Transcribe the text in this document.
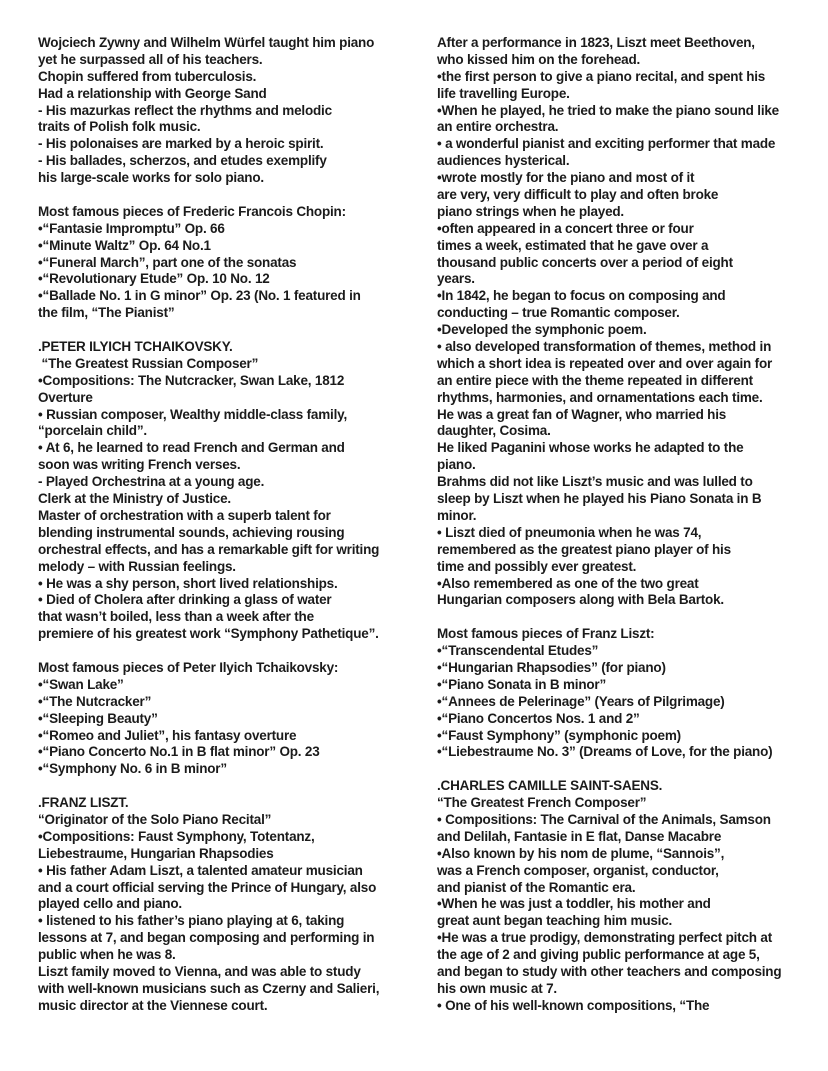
Wojciech Zywny and Wilhelm Würfel taught him piano
yet he surpassed all of his teachers.
Chopin suffered from tuberculosis.
Had a relationship with George Sand
- His mazurkas reflect the rhythms and melodic
traits of Polish folk music.
- His polonaises are marked by a heroic spirit.
- His ballades, scherzos, and etudes exemplify
his large-scale works for solo piano.
Most famous pieces of Frederic Francois Chopin:
•“Fantasie Impromptu” Op. 66
•“Minute Waltz” Op. 64 No.1
•“Funeral March”, part one of the sonatas
•“Revolutionary Etude” Op. 10 No. 12
•“Ballade No. 1 in G minor” Op. 23 (No. 1 featured in
the film, “The Pianist”
.PETER ILYICH TCHAIKOVSKY.
“The Greatest Russian Composer”
•Compositions: The Nutcracker, Swan Lake, 1812
Overture
• Russian composer, Wealthy middle-class family,
“porcelain child”.
• At 6, he learned to read French and German and
soon was writing French verses.
- Played Orchestrina at a young age.
Clerk at the Ministry of Justice.
Master of orchestration with a superb talent for
blending instrumental sounds, achieving rousing
orchestral effects, and has a remarkable gift for writing
melody – with Russian feelings.
• He was a shy person, short lived relationships.
• Died of Cholera after drinking a glass of water
that wasn’t boiled, less than a week after the
premiere of his greatest work “Symphony Pathetique”.
Most famous pieces of Peter Ilyich Tchaikovsky:
•“Swan Lake”
•“The Nutcracker”
•“Sleeping Beauty”
•“Romeo and Juliet”, his fantasy overture
•“Piano Concerto No.1 in B flat minor” Op. 23
•“Symphony No. 6 in B minor”
.FRANZ LISZT.
“Originator of the Solo Piano Recital”
•Compositions: Faust Symphony, Totentanz,
Liebestraume, Hungarian Rhapsodies
• His father Adam Liszt, a talented amateur musician
and a court official serving the Prince of Hungary, also
played cello and piano.
• listened to his father’s piano playing at 6, taking
lessons at 7, and began composing and performing in
public when he was 8.
Liszt family moved to Vienna, and was able to study
with well-known musicians such as Czerny and Salieri,
music director at the Viennese court.
After a performance in 1823, Liszt meet Beethoven,
who kissed him on the forehead.
•the first person to give a piano recital, and spent his
life travelling Europe.
•When he played, he tried to make the piano sound like
an entire orchestra.
• a wonderful pianist and exciting performer that made
audiences hysterical.
•wrote mostly for the piano and most of it
are very, very difficult to play and often broke
piano strings when he played.
•often appeared in a concert three or four
times a week, estimated that he gave over a
thousand public concerts over a period of eight
years.
•In 1842, he began to focus on composing and
conducting – true Romantic composer.
•Developed the symphonic poem.
• also developed transformation of themes, method in
which a short idea is repeated over and over again for
an entire piece with the theme repeated in different
rhythms, harmonies, and ornamentations each time.
He was a great fan of Wagner, who married his
daughter, Cosima.
He liked Paganini whose works he adapted to the
piano.
Brahms did not like Liszt’s music and was lulled to
sleep by Liszt when he played his Piano Sonata in B
minor.
• Liszt died of pneumonia when he was 74,
remembered as the greatest piano player of his
time and possibly ever greatest.
•Also remembered as one of the two great
Hungarian composers along with Bela Bartok.
Most famous pieces of Franz Liszt:
•“Transcendental Etudes”
•“Hungarian Rhapsodies” (for piano)
•“Piano Sonata in B minor”
•“Annees de Pelerinage” (Years of Pilgrimage)
•“Piano Concertos Nos. 1 and 2”
•“Faust Symphony” (symphonic poem)
•“Liebestraume No. 3” (Dreams of Love, for the piano)
.CHARLES CAMILLE SAINT-SAENS.
“The Greatest French Composer”
• Compositions: The Carnival of the Animals, Samson
and Delilah, Fantasie in E flat, Danse Macabre
•Also known by his nom de plume, “Sannois”,
was a French composer, organist, conductor,
and pianist of the Romantic era.
•When he was just a toddler, his mother and
great aunt began teaching him music.
•He was a true prodigy, demonstrating perfect pitch at
the age of 2 and giving public performance at age 5,
and began to study with other teachers and composing
his own music at 7.
• One of his well-known compositions, “The
